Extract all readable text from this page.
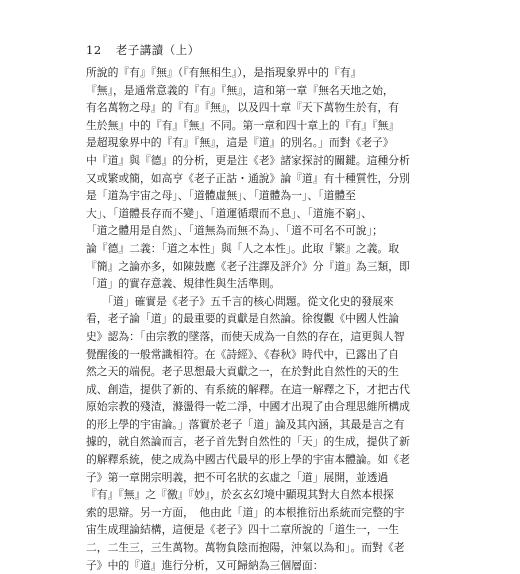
12 老子講讀（上）
所說的『有』『無』（『有無相生』），是指現象界中的『有』
『無』，是通常意義的『有』『無』，這和第一章『無名天地之始，
有名萬物之母』的『有』『無』，以及四十章『天下萬物生於有，有
生於無』中的『有』『無』不同。第一章和四十章上的『有』『無』
是超現象界中的『有』『無』，這是『道』的別名。」而對《老子》
中『道』與『德』的分析，更是注《老》諸家探討的關鍵。這種分析
又或繁或簡，如高亨《老子正詁・通說》論『道』有十種質性，分別
是「道為宇宙之母」、「道體虛無」、「道體為一」、「道體至
大」、「道體長存而不變」、「道運循環而不息」、「道施不窮」、
「道之體用是自然」、「道無為而無不為」、「道不可名不可說」；
論『德』二義：「道之本性」與「人之本性」。此取『繁』之義。取
『簡』之論亦多，如陳鼓應《老子注譯及評介》分『道』為三類，即
「道」的實存意義、規律性與生活準則。
　　「道」確實是《老子》五千言的核心問題。從文化史的發展來
看，老子論「道」的最重要的貢獻是自然論。徐復觀《中國人性論
史》認為：「由宗教的墜落，而使天成為一自然的存在，這更與人智
覺醒後的一般常識相符。在《詩經》、《春秋》時代中，已露出了自
然之天的端倪。老子思想最大貢獻之一，在於對此自然性的天的生
成、創造，提供了新的、有系統的解釋。在這一解釋之下，才把古代
原始宗教的殘渣，滌盪得一乾二淨，中國才出現了由合理思維所構成
的形上學的宇宙論。」落實於老子「道」論及其內涵，其最是言之有
據的，就自然論而言，老子首先對自然性的「天」的生成，提供了新
的解釋系統，使之成為中國古代最早的形上學的宇宙本體論。如《老
子》第一章開宗明義，把不可名狀的玄虛之「道」展開，並透過
『有』『無』之『徼』『妙』，於玄玄幻境中顯現其對大自然本根探
索的思辯。另一方面，　他由此「道」的本根推衍出系統而完整的宇
宙生成理論結構，這便是《老子》四十二章所說的「道生一，一生
二，二生三，三生萬物。萬物負陰而抱陽，沖氣以為和」。而對《老
子》中的『道』進行分析，又可歸納為三個層面：
